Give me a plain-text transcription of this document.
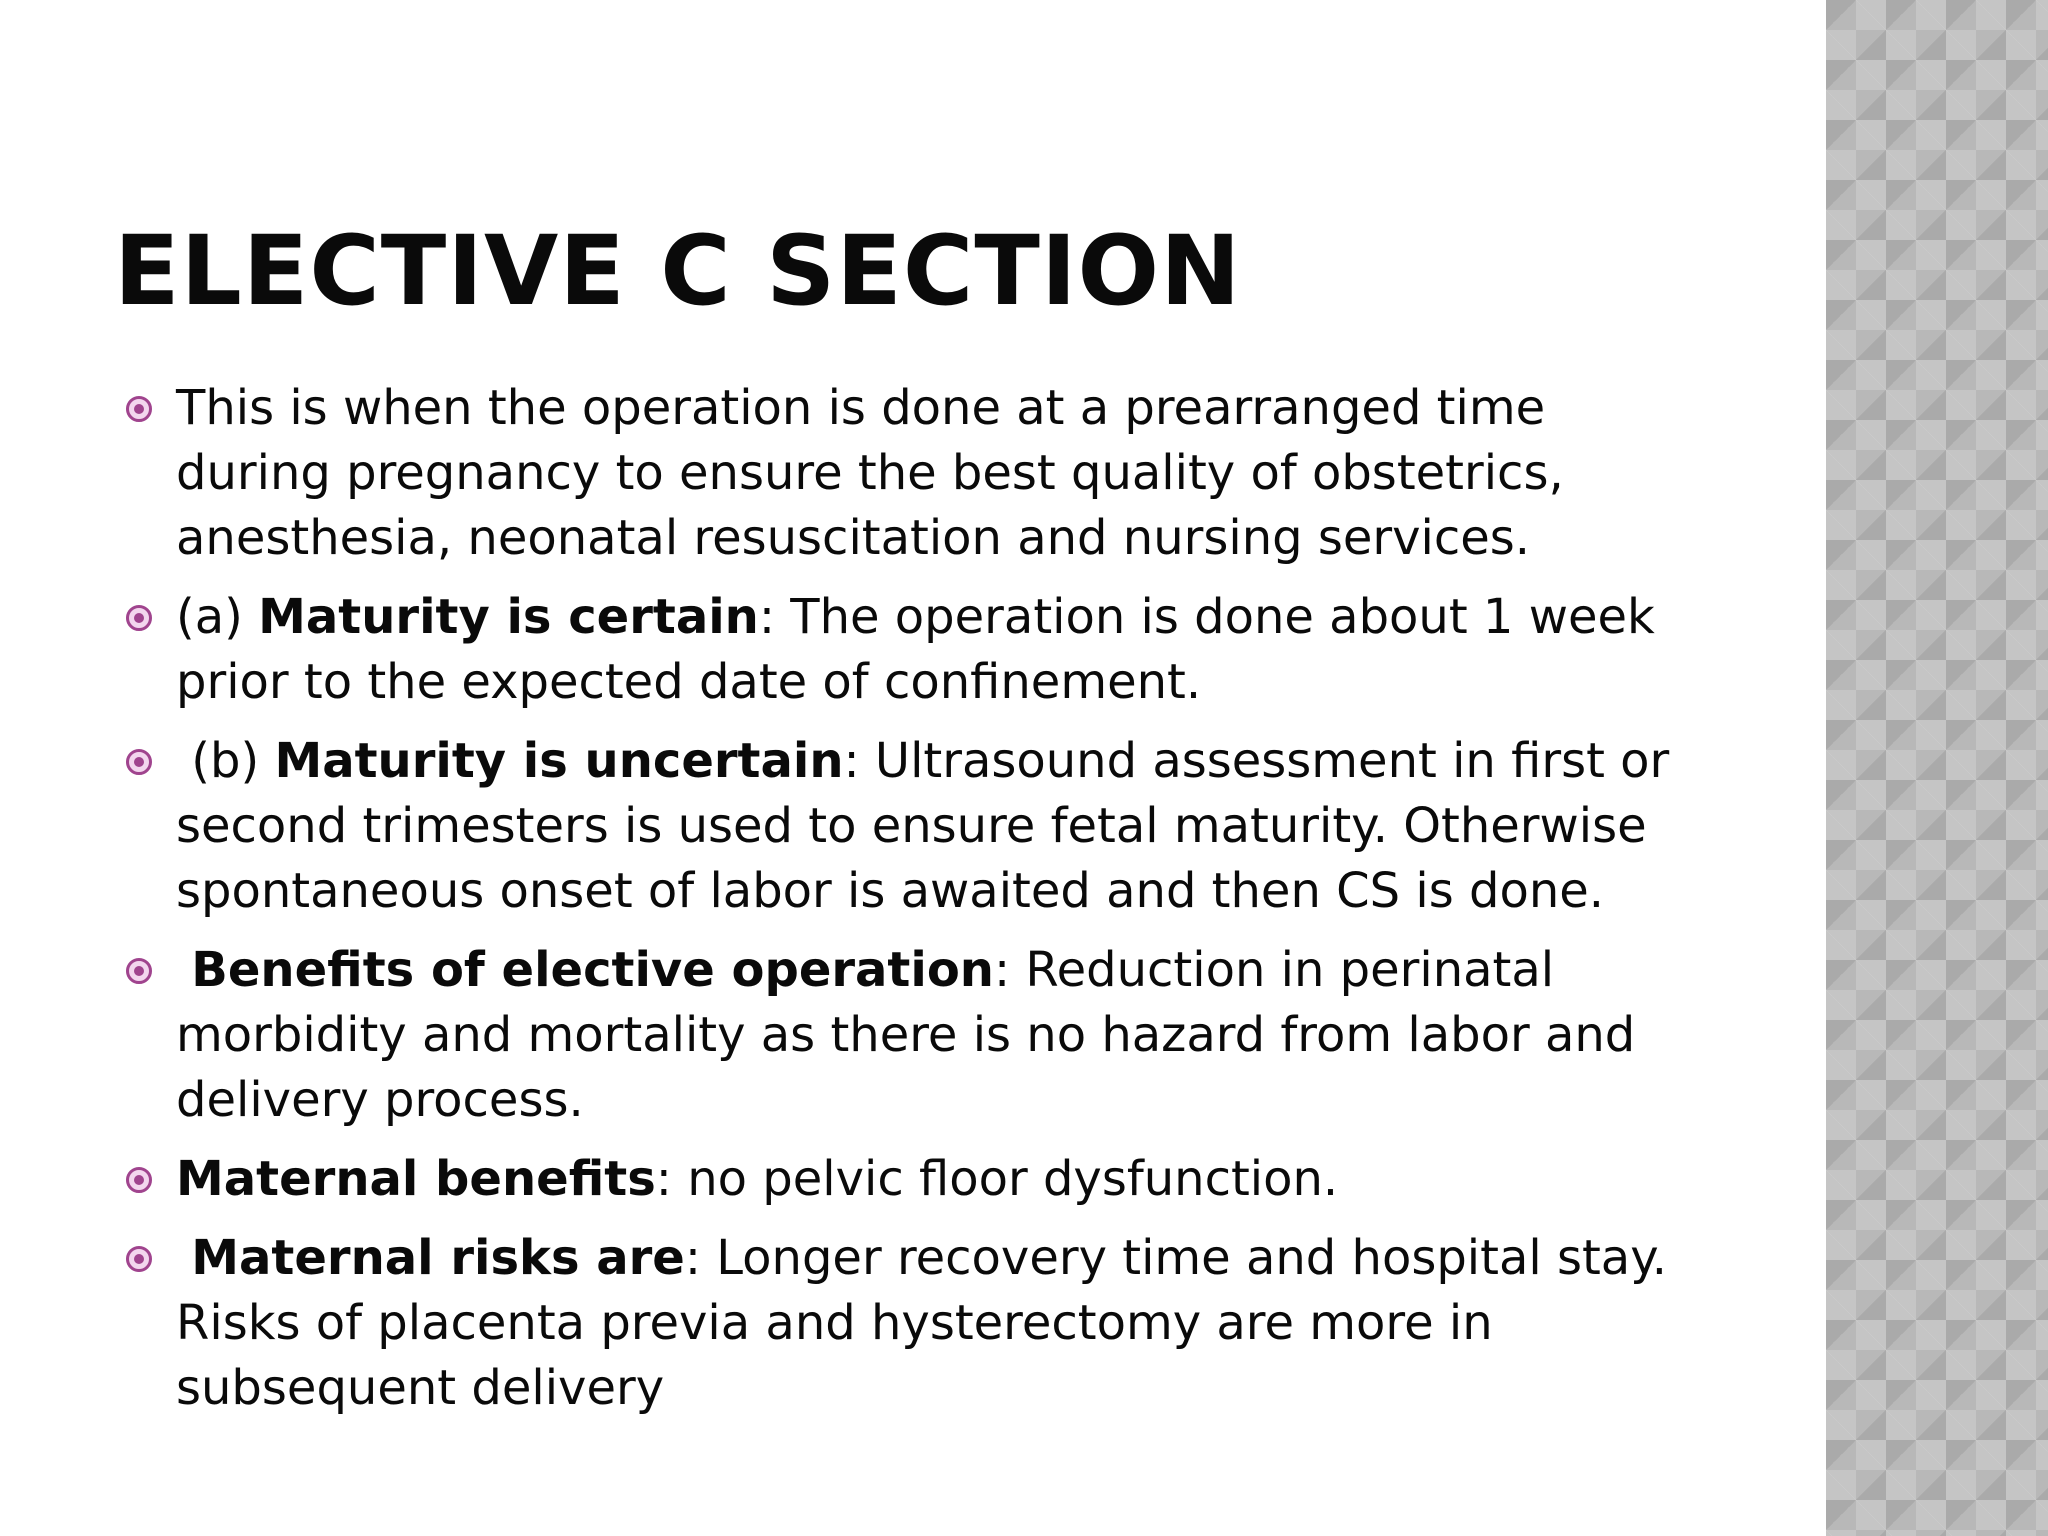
ELECTIVE C SECTION
This is when the operation is done at a prearranged time during pregnancy to ensure the best quality of obstetrics, anesthesia, neonatal resuscitation and nursing services.
(a) Maturity is certain: The operation is done about 1 week prior to the expected date of confinement.
(b) Maturity is uncertain: Ultrasound assessment in first or second trimesters is used to ensure fetal maturity. Otherwise spontaneous onset of labor is awaited and then CS is done.
Benefits of elective operation: Reduction in perinatal morbidity and mortality as there is no hazard from labor and delivery process.
Maternal benefits: no pelvic floor dysfunction.
Maternal risks are: Longer recovery time and hospital stay. Risks of placenta previa and hysterectomy are more in subsequent delivery
